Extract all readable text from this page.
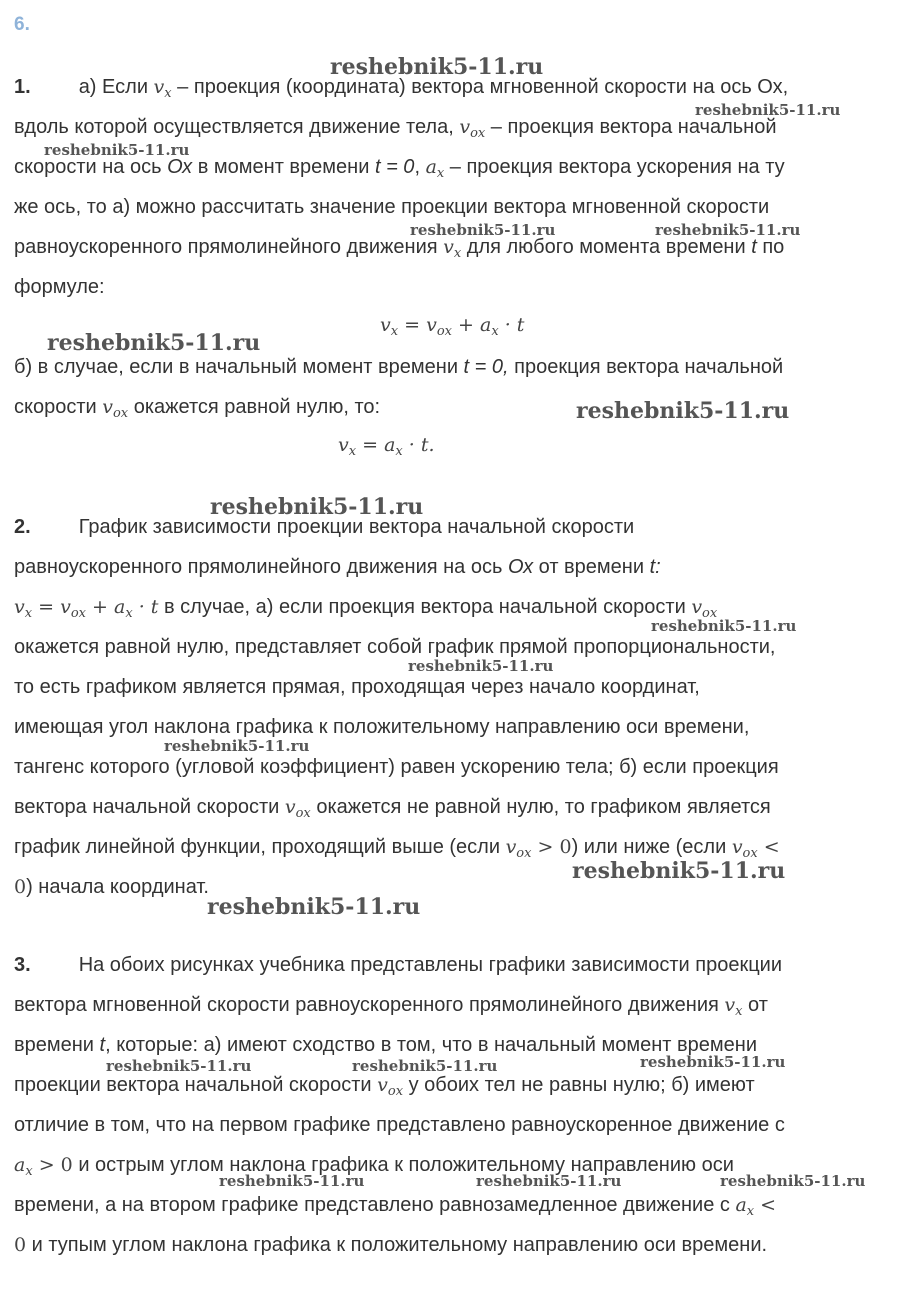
6.
1. а) Если $v_x$ – проекция (координата) вектора мгновенной скорости на ось Ох,
вдоль которой осуществляется движение тела, $v_{ox}$ – проекция вектора начальной
скорости на ось Ох в момент времени t = 0, $a_x$ – проекция вектора ускорения на ту
же ось, то а) можно рассчитать значение проекции вектора мгновенной скорости
равноускоренного прямолинейного движения $v_x$ для любого момента времени t по
формуле:
$v_x = v_{ox} + a_x \cdot t$
б) в случае, если в начальный момент времени t = 0, проекция вектора начальной
скорости $v_{ox}$ окажется равной нулю, то:
$v_x = a_x \cdot t$.
2. График зависимости проекции вектора начальной скорости
равноускоренного прямолинейного движения на ось Ох от времени t:
$v_x = v_{ox} + a_x \cdot t$ в случае, а) если проекция вектора начальной скорости $v_{ox}$
окажется равной нулю, представляет собой график прямой пропорциональности,
то есть графиком является прямая, проходящая через начало координат,
имеющая угол наклона графика к положительному направлению оси времени,
тангенс которого (угловой коэффициент) равен ускорению тела; б) если проекция
вектора начальной скорости $v_{ox}$ окажется не равной нулю, то графиком является
график линейной функции, проходящий выше (если $v_{ox} > 0$) или ниже (если $v_{ox}$ <
0) начала координат.
3. На обоих рисунках учебника представлены графики зависимости проекции
вектора мгновенной скорости равноускоренного прямолинейного движения $v_x$ от
времени t, которые: а) имеют сходство в том, что в начальный момент времени
проекции вектора начальной скорости $v_{ox}$ у обоих тел не равны нулю; б) имеют
отличие в том, что на первом графике представлено равноускоренное движение с
$a_x > 0$ и острым углом наклона графика к положительному направлению оси
времени, а на втором графике представлено равнозамедленное движение с $a_x$ <
0 и тупым углом наклона графика к положительному направлению оси времени.
reshebnik5-11.ru
reshebnik5-11.ru
reshebnik5-11.ru
reshebnik5-11.ru	reshebnik5-11.ru
reshebnik5-11.ru
reshebnik5-11.ru
reshebnik5-11.ru
reshebnik5-11.ru
reshebnik5-11.ru
reshebnik5-11.ru
reshebnik5-11.ru
reshebnik5-11.ru
reshebnik5-11.ru	reshebnik5-11.ru	reshebnik5-11.ru
reshebnik5-11.ru	reshebnik5-11.ru	reshebnik5-11.ru
